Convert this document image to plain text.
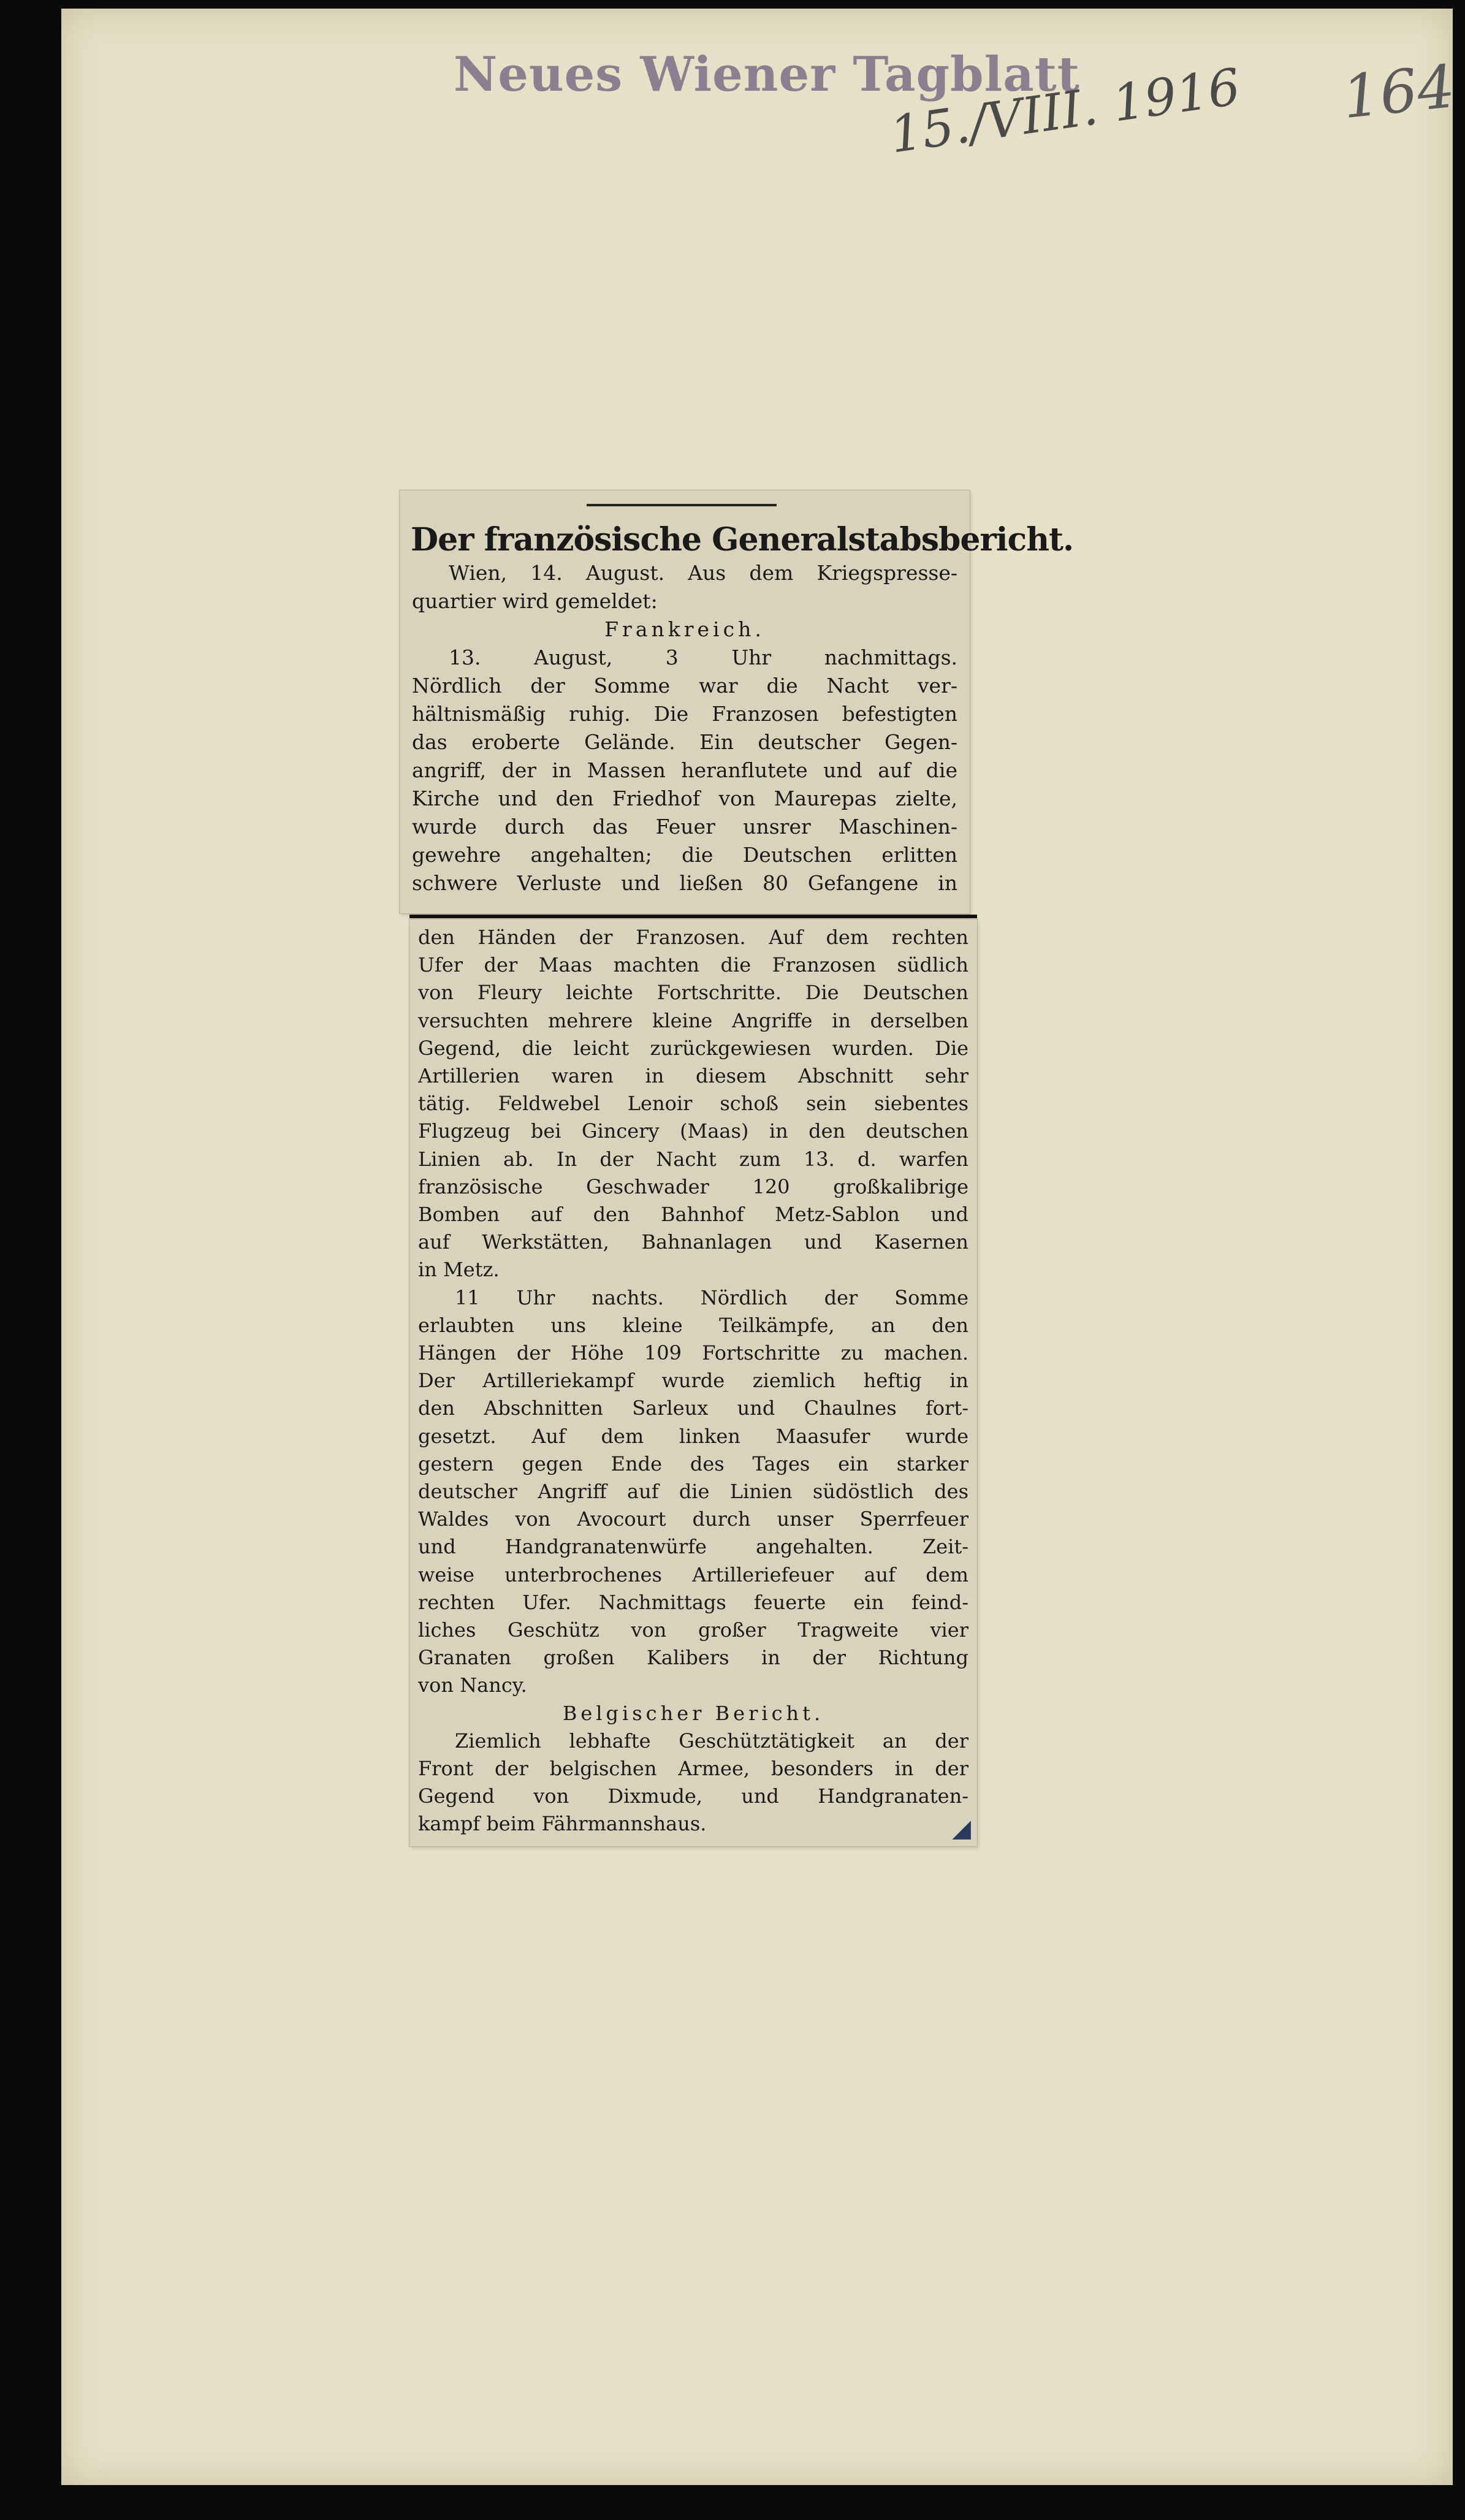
Neues Wiener Tagblatt
15./VIII. 1916 164
Der französische Generalstabsbericht.
Wien, 14. August. Aus dem Kriegspresse-
quartier wird gemeldet:
Frankreich.
13. August, 3 Uhr nachmittags.
Nördlich der Somme war die Nacht ver-
hältnismäßig ruhig. Die Franzosen befestigten
das eroberte Gelände. Ein deutscher Gegen-
angriff, der in Massen heranflutete und auf die
Kirche und den Friedhof von Maurepas zielte,
wurde durch das Feuer unsrer Maschinen-
gewehre angehalten; die Deutschen erlitten
schwere Verluste und ließen 80 Gefangene in
den Händen der Franzosen. Auf dem rechten
Ufer der Maas machten die Franzosen südlich
von Fleury leichte Fortschritte. Die Deutschen
versuchten mehrere kleine Angriffe in derselben
Gegend, die leicht zurückgewiesen wurden. Die
Artillerien waren in diesem Abschnitt sehr
tätig. Feldwebel Lenoir schoß sein siebentes
Flugzeug bei Gincery (Maas) in den deutschen
Linien ab. In der Nacht zum 13. d. warfen
französische Geschwader 120 großkalibrige
Bomben auf den Bahnhof Metz-Sablon und
auf Werkstätten, Bahnanlagen und Kasernen
in Metz.
11 Uhr nachts. Nördlich der Somme
erlaubten uns kleine Teilkämpfe, an den
Hängen der Höhe 109 Fortschritte zu machen.
Der Artilleriekampf wurde ziemlich heftig in
den Abschnitten Sarleux und Chaulnes fort-
gesetzt. Auf dem linken Maasufer wurde
gestern gegen Ende des Tages ein starker
deutscher Angriff auf die Linien südöstlich des
Waldes von Avocourt durch unser Sperrfeuer
und Handgranatenwürfe angehalten. Zeit-
weise unterbrochenes Artilleriefeuer auf dem
rechten Ufer. Nachmittags feuerte ein feind-
liches Geschütz von großer Tragweite vier
Granaten großen Kalibers in der Richtung
von Nancy.
Belgischer Bericht.
Ziemlich lebhafte Geschütztätigkeit an der
Front der belgischen Armee, besonders in der
Gegend von Dixmude, und Handgranaten-
kampf beim Fährmannshaus.	◢
